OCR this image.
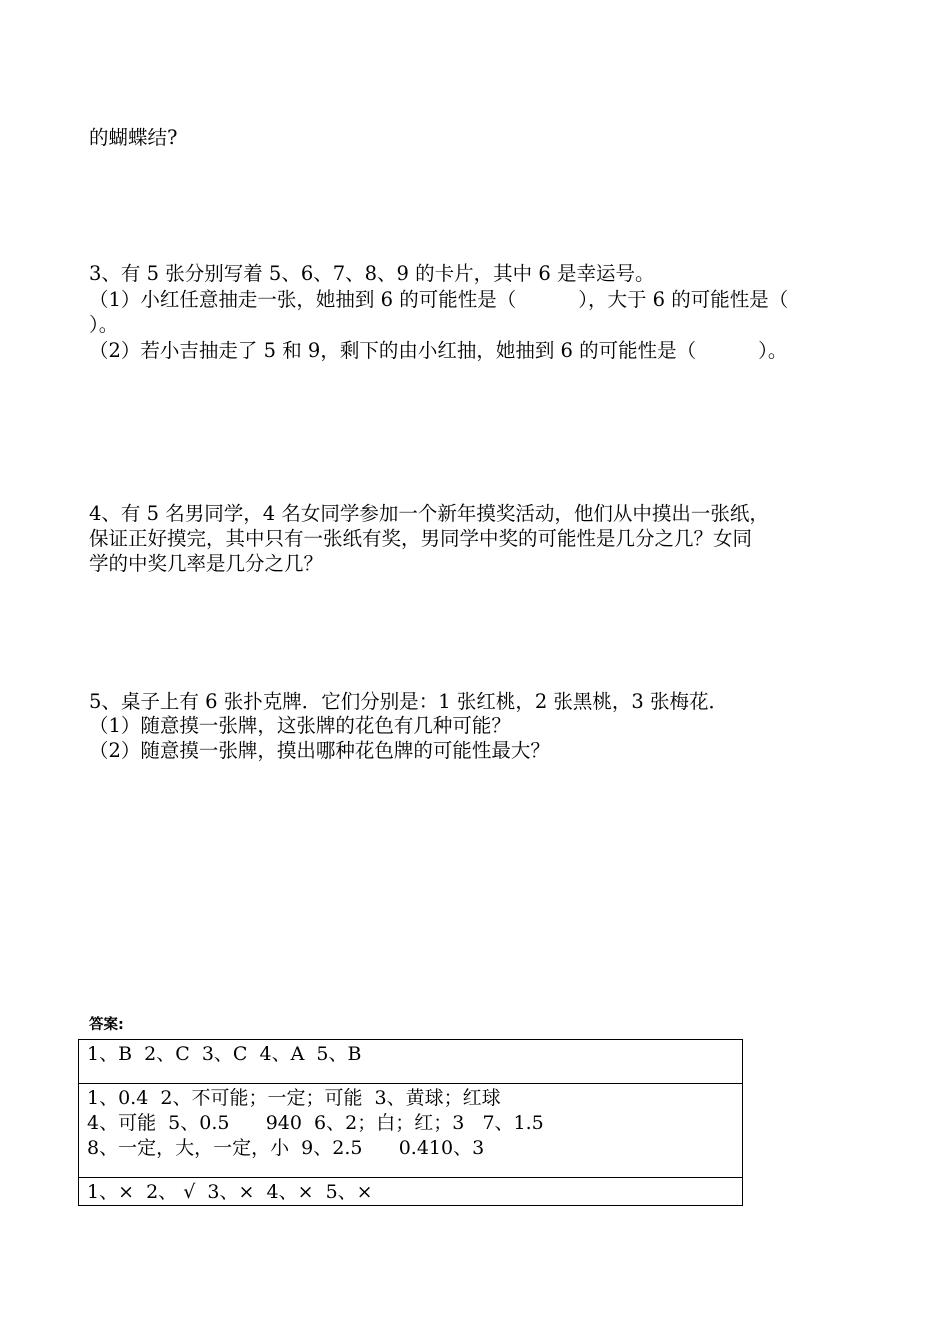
的蝴蝶结?
3、有 5 张分别写着 5、6、7、8、9 的卡片，其中 6 是幸运号。
（1）小红任意抽走一张，她抽到 6 的可能性是（          ），大于 6 的可能性是（
）。
（2）若小吉抽走了 5 和 9，剩下的由小红抽，她抽到 6 的可能性是（          ）。
4、有 5 名男同学，4 名女同学参加一个新年摸奖活动，他们从中摸出一张纸，
保证正好摸完，其中只有一张纸有奖，男同学中奖的可能性是几分之几？女同
学的中奖几率是几分之几？
5、桌子上有 6 张扑克牌．它们分别是：1 张红桃，2 张黑桃，3 张梅花．
（1）随意摸一张牌，这张牌的花色有几种可能？
（2）随意摸一张牌，摸出哪种花色牌的可能性最大？
答案:
1、B  2、C  3、C  4、A  5、B

1、0.4  2、不可能；一定；可能  3、黄球；红球
4、可能  5、0.5      940  6、2；白；红；3   7、1.5
8、一定，大，一定，小  9、2.5      0.410、3

1、×  2、 √  3、×  4、×  5、×
